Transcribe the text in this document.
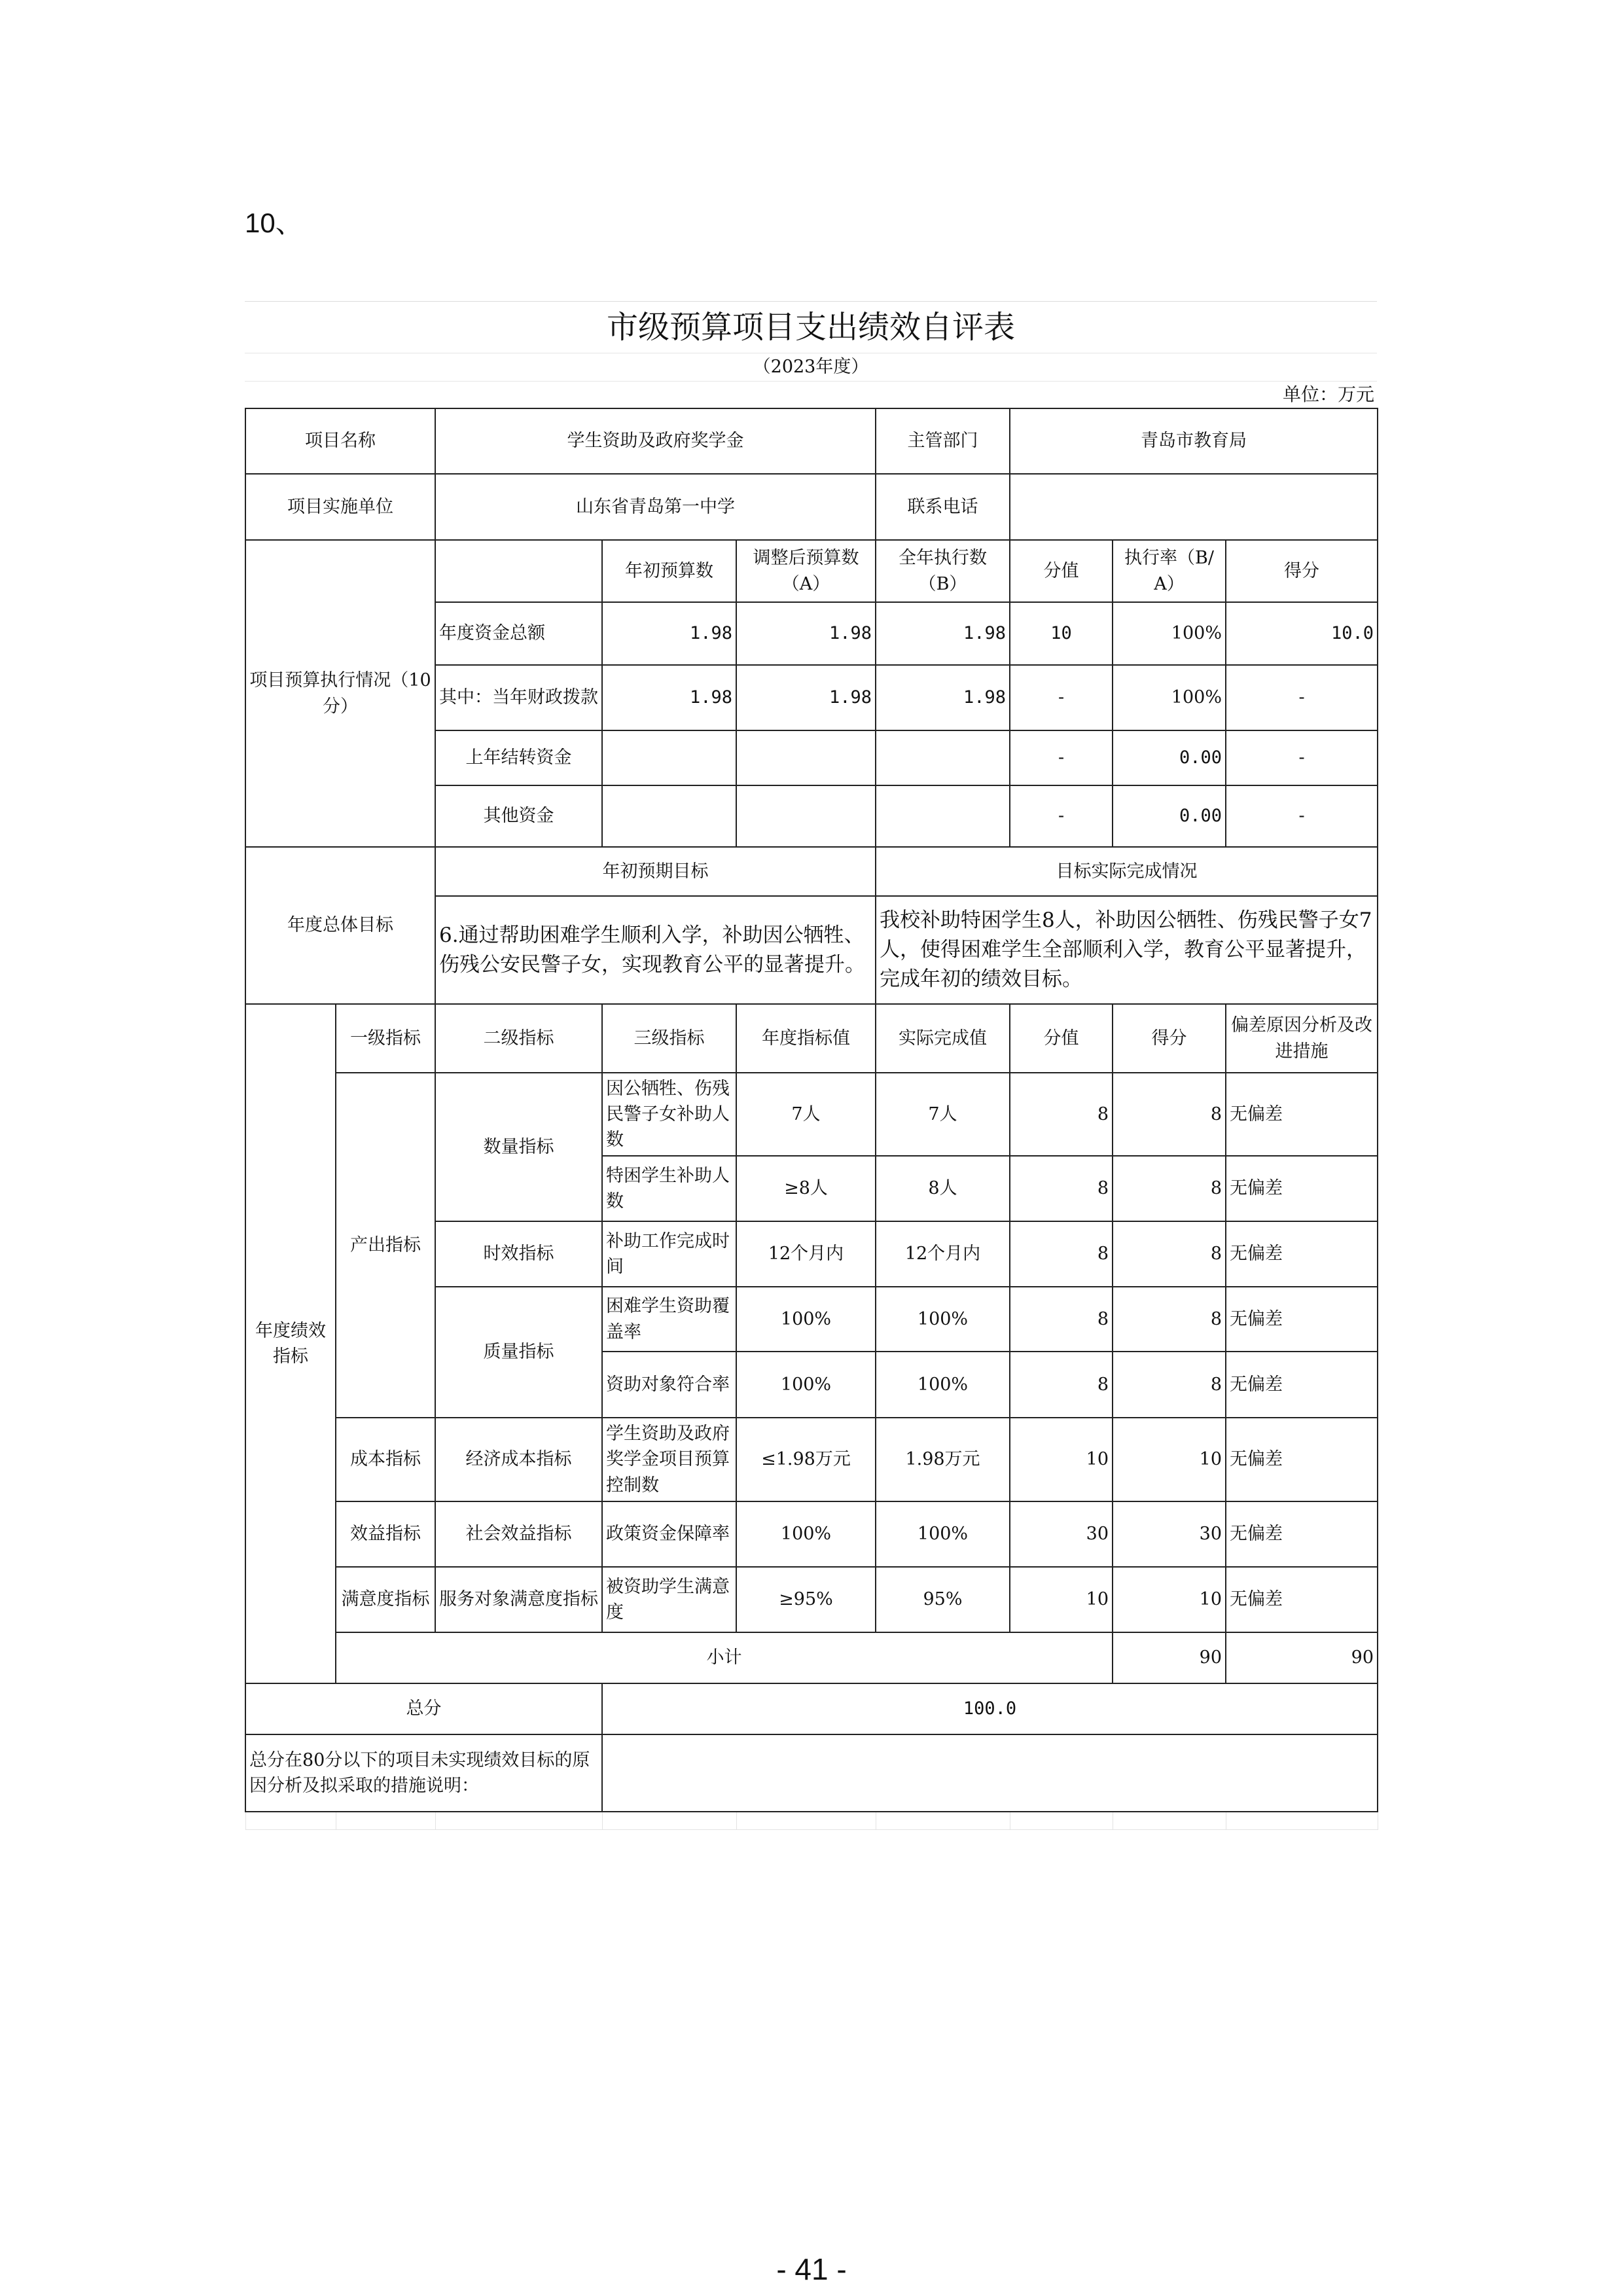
10、
市级预算项目支出绩效自评表
（2023年度）
单位：万元
项目名称		学生资助及政府奖学金			主管部门	青岛市教育局			
项目实施单位		山东省青岛第一中学			联系电话				
项目预算执行情况（10分）			年初预算数	调整后预算数（A）	全年执行数（B）	分值	执行率（B/A）	得分	
		年度资金总额	1.98	1.98	1.98	10	100%	10.0	
		其中：当年财政拨款	1.98	1.98	1.98	-	100%	-	
		上年结转资金				-	0.00	-	
		其他资金				-	0.00	-	
年度总体目标		年初预期目标			目标实际完成情况				
		6.通过帮助困难学生顺利入学，补助因公牺牲、伤残公安民警子女，实现教育公平的显著提升。			我校补助特困学生8人，补助因公牺牲、伤残民警子女7人，使得困难学生全部顺利入学，教育公平显著提升，完成年初的绩效目标。				
年度绩效指标	一级指标	二级指标	三级指标	年度指标值	实际完成值	分值	得分	偏差原因分析及改进措施	
	产出指标	数量指标	因公牺牲、伤残民警子女补助人数	7人	7人	8	8	无偏差	
			特困学生补助人数	≥8人	8人	8	8	无偏差	
		时效指标	补助工作完成时间	12个月内	12个月内	8	8	无偏差	
		质量指标	困难学生资助覆盖率	100%	100%	8	8	无偏差	
			资助对象符合率	100%	100%	8	8	无偏差	
	成本指标	经济成本指标	学生资助及政府奖学金项目预算控制数	≤1.98万元	1.98万元	10	10	无偏差	
	效益指标	社会效益指标	政策资金保障率	100%	100%	30	30	无偏差	
	满意度指标	服务对象满意度指标	被资助学生满意度	≥95%	95%	10	10	无偏差	
	小计						90	90	
总分			100.0						
总分在80分以下的项目未实现绩效目标的原因分析及拟采取的措施说明：									

- 41 -
